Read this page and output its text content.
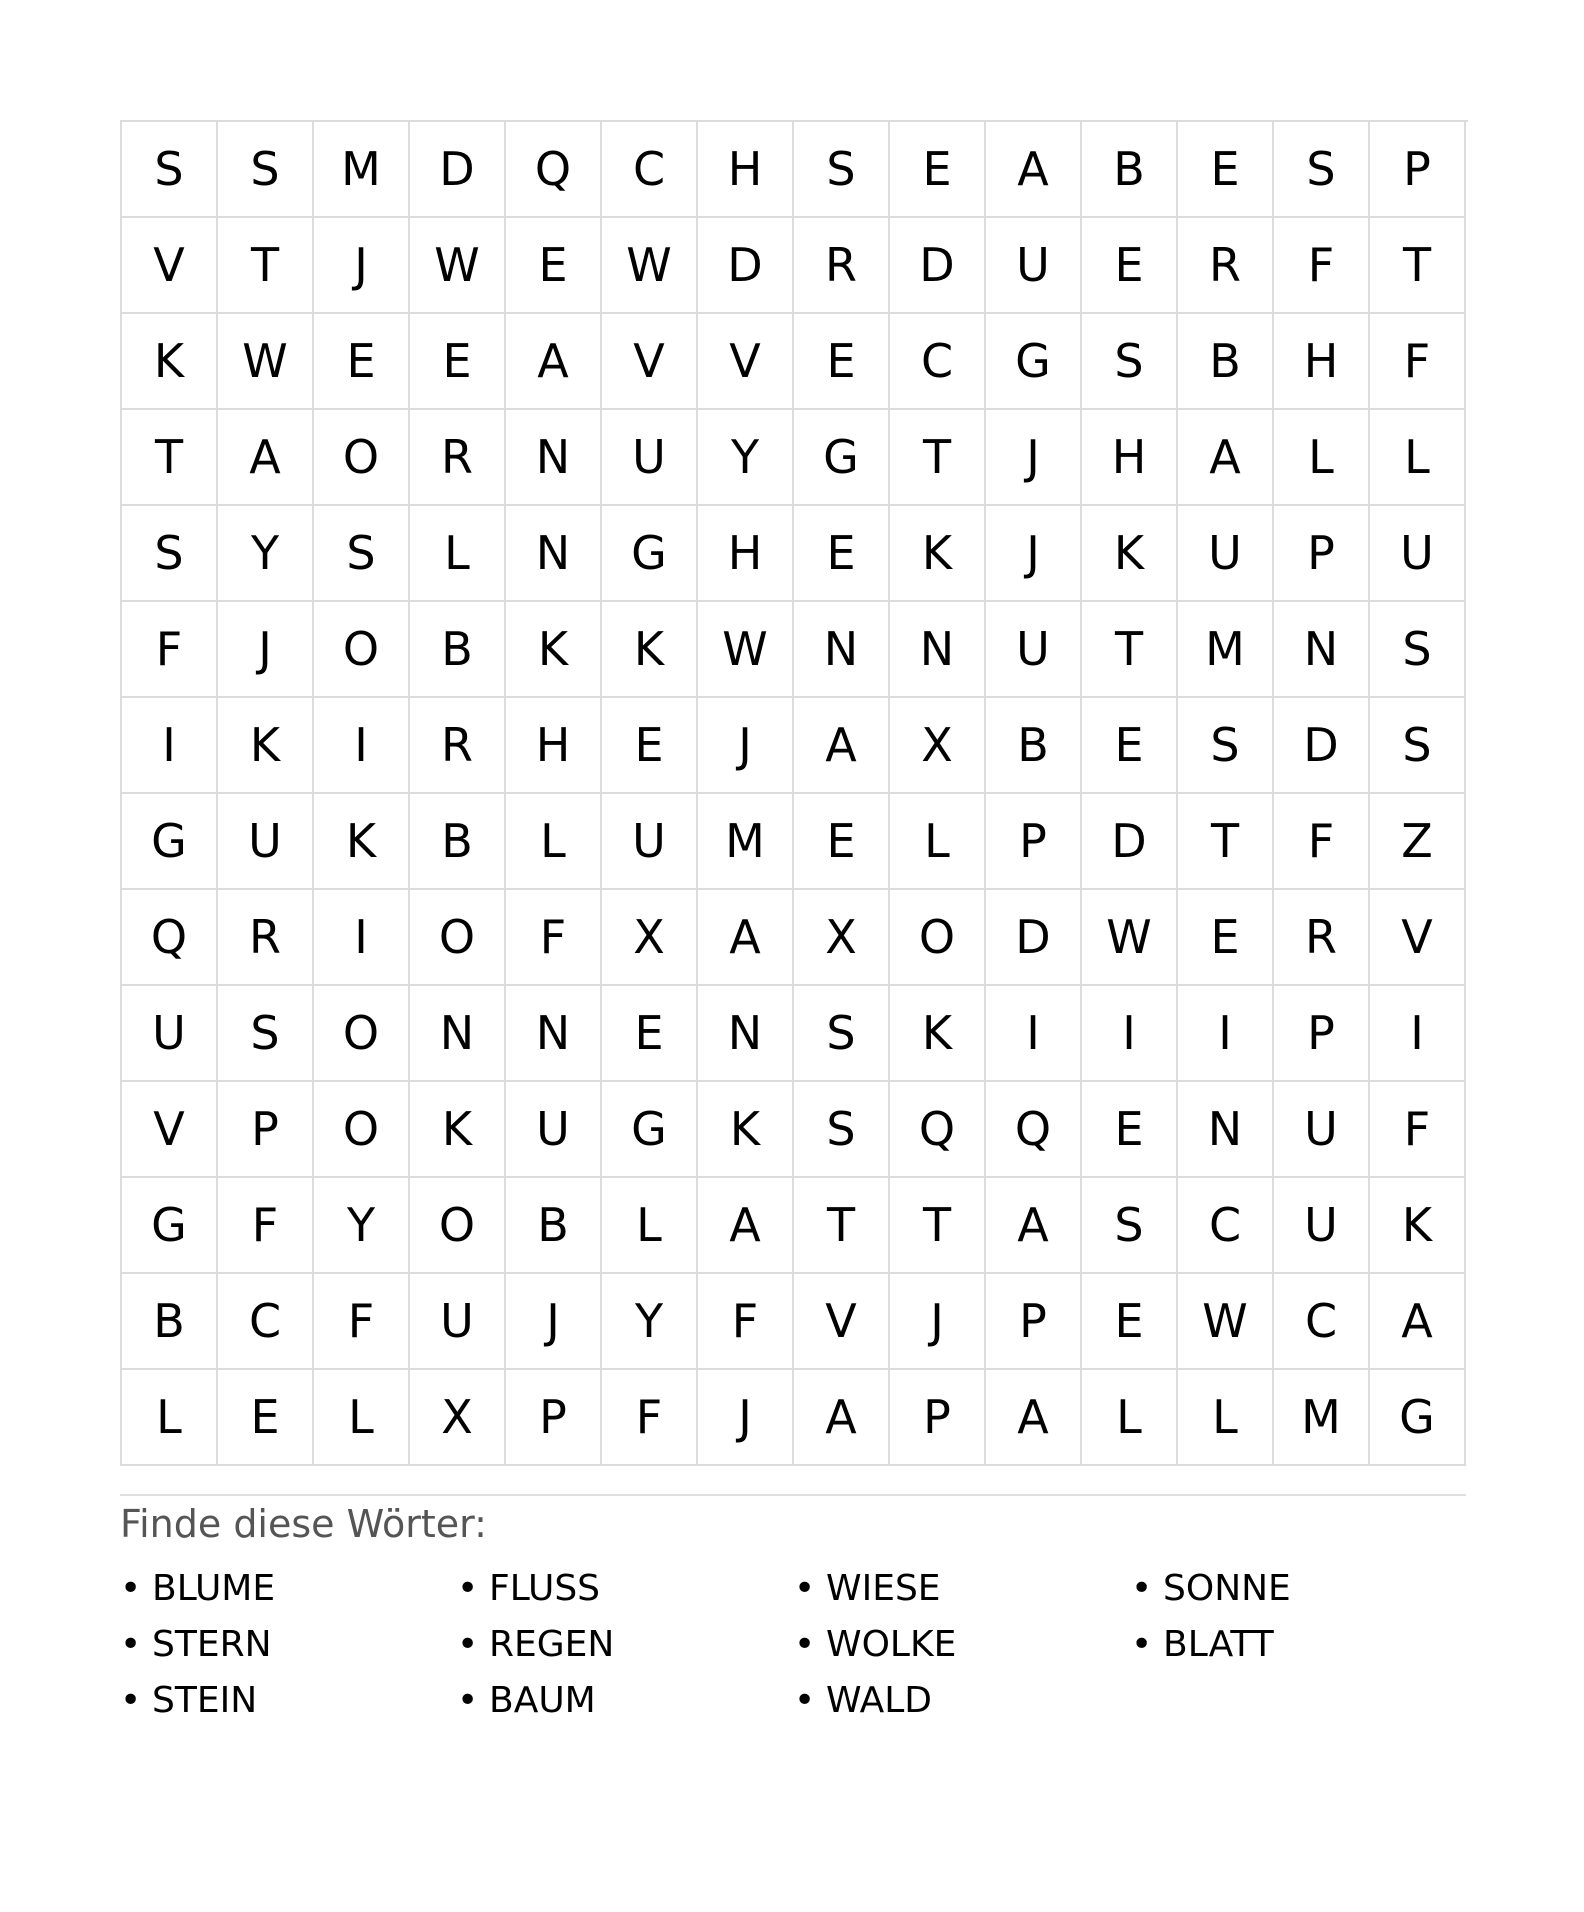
S	S	M	D	Q	C	H	S	E	A	B	E	S	P
V	T	J	W	E	W	D	R	D	U	E	R	F	T
K	W	E	E	A	V	V	E	C	G	S	B	H	F
T	A	O	R	N	U	Y	G	T	J	H	A	L	L
S	Y	S	L	N	G	H	E	K	J	K	U	P	U
F	J	O	B	K	K	W	N	N	U	T	M	N	S
I	K	I	R	H	E	J	A	X	B	E	S	D	S
G	U	K	B	L	U	M	E	L	P	D	T	F	Z
Q	R	I	O	F	X	A	X	O	D	W	E	R	V
U	S	O	N	N	E	N	S	K	I	I	I	P	I
V	P	O	K	U	G	K	S	Q	Q	E	N	U	F
G	F	Y	O	B	L	A	T	T	A	S	C	U	K
B	C	F	U	J	Y	F	V	J	P	E	W	C	A
L	E	L	X	P	F	J	A	P	A	L	L	M	G
Finde diese Wörter:
• BLUME	• FLUSS	• WIESE	• SONNE
• STERN	• REGEN	• WOLKE	• BLATT
• STEIN	• BAUM	• WALD
